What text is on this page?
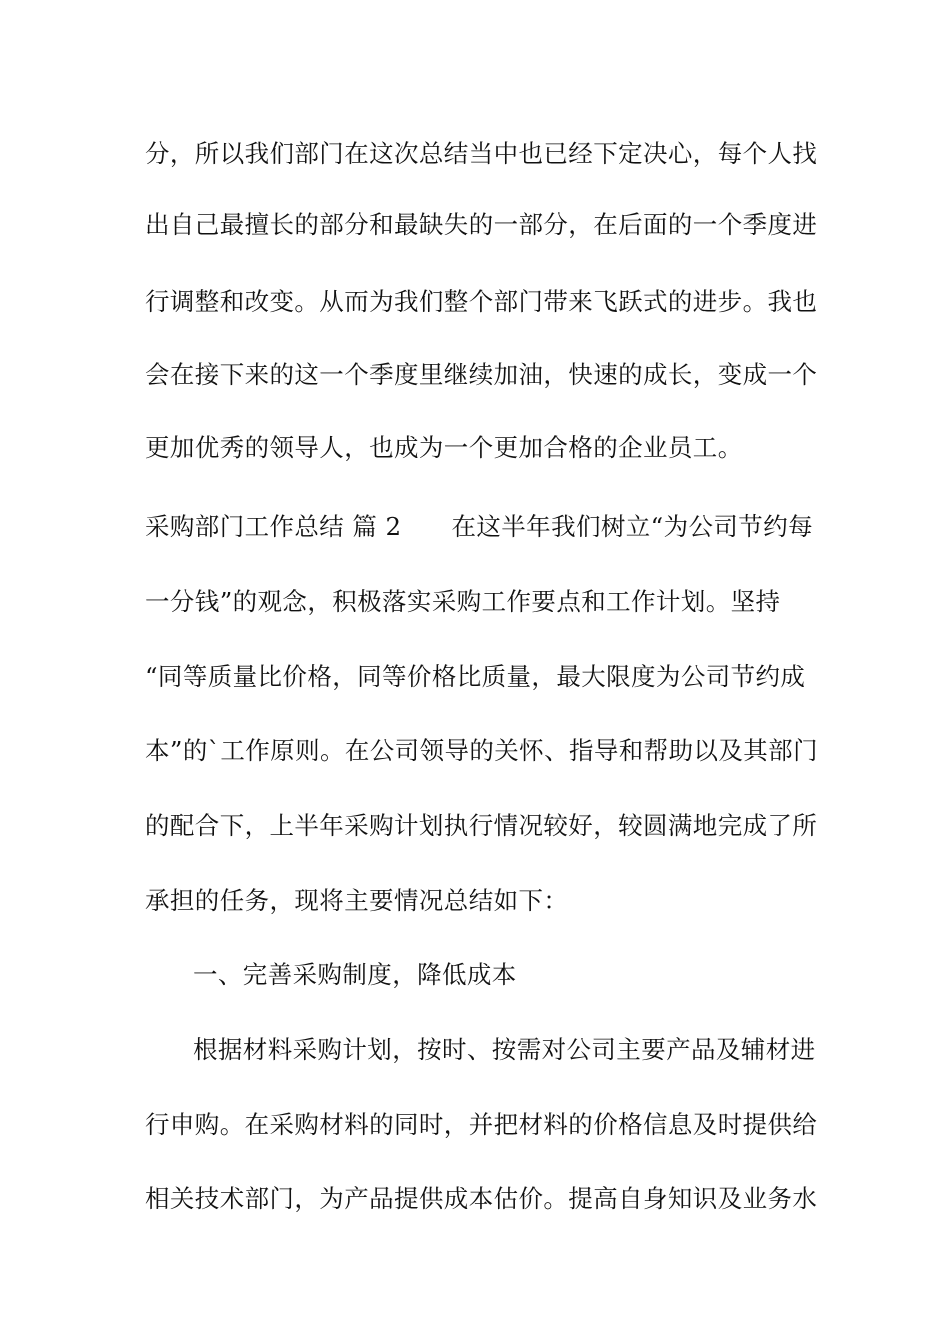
分，所以我们部门在这次总结当中也已经下定决心，每个人找
出自己最擅长的部分和最缺失的一部分，在后面的一个季度进
行调整和改变。从而为我们整个部门带来飞跃式的进步。我也
会在接下来的这一个季度里继续加油，快速的成长，变成一个
更加优秀的领导人，也成为一个更加合格的企业员工。
采购部门工作总结 篇 2 在这半年我们树立“为公司节约每
一分钱”的观念，积极落实采购工作要点和工作计划。坚持
“同等质量比价格，同等价格比质量，最大限度为公司节约成
本”的`工作原则。在公司领导的关怀、指导和帮助以及其部门
的配合下，上半年采购计划执行情况较好，较圆满地完成了所
承担的任务，现将主要情况总结如下：
一、完善采购制度，降低成本
根据材料采购计划，按时、按需对公司主要产品及辅材进
行申购。在采购材料的同时，并把材料的价格信息及时提供给
相关技术部门，为产品提供成本估价。提高自身知识及业务水
